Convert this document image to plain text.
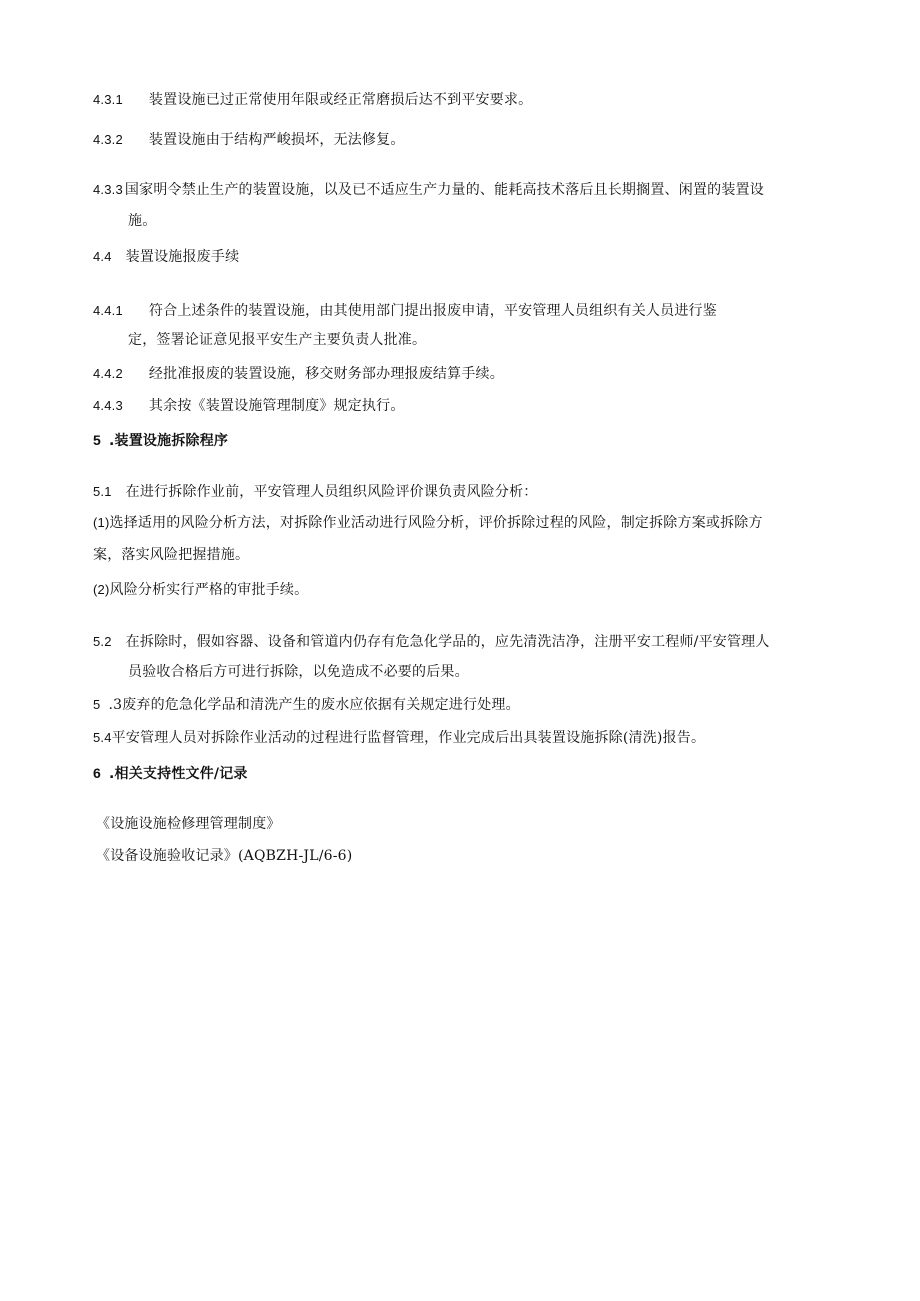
4.3.1 装置设施已过正常使用年限或经正常磨损后达不到平安要求。
4.3.2 装置设施由于结构严峻损坏，无法修复。
4.3.3 国家明令禁止生产的装置设施，以及已不适应生产力量的、能耗高技术落后且长期搁置、闲置的装置设
施。
4.4 装置设施报废手续
4.4.1 符合上述条件的装置设施，由其使用部门提出报废申请，平安管理人员组织有关人员进行鉴
定，签署论证意见报平安生产主要负责人批准。
4.4.2 经批准报废的装置设施，移交财务部办理报废结算手续。
4.4.3 其余按《装置设施管理制度》规定执行。
5 .装置设施拆除程序
5.1 在进行拆除作业前，平安管理人员组织风险评价课负责风险分析：
(1)选择适用的风险分析方法，对拆除作业活动进行风险分析，评价拆除过程的风险，制定拆除方案或拆除方
案，落实风险把握措施。
(2)风险分析实行严格的审批手续。
5.2 在拆除时，假如容器、设备和管道内仍存有危急化学品的，应先清洗洁净，注册平安工程师/平安管理人
员验收合格后方可进行拆除，以免造成不必要的后果。
5 .3废弃的危急化学品和清洗产生的废水应依据有关规定进行处理。
5.4平安管理人员对拆除作业活动的过程进行监督管理，作业完成后出具装置设施拆除(清洗)报告。
6 .相关支持性文件/记录
《设施设施检修理管理制度》
《设备设施验收记录》(AQBZH-JL∕6-6)
